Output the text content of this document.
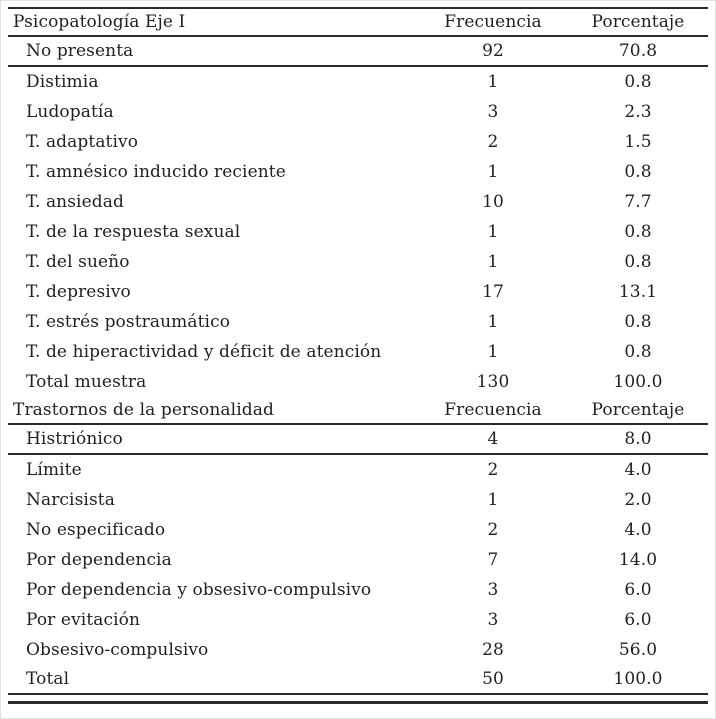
Psicopatología Eje I	Frecuencia	Porcentaje
No presenta	92	70.8
Distimia	1	0.8
Ludopatía	3	2.3
T. adaptativo	2	1.5
T. amnésico inducido reciente	1	0.8
T. ansiedad	10	7.7
T. de la respuesta sexual	1	0.8
T. del sueño	1	0.8
T. depresivo	17	13.1
T. estrés postraumático	1	0.8
T. de hiperactividad y déficit de atención	1	0.8
Total muestra	130	100.0
Trastornos de la personalidad	Frecuencia	Porcentaje
Histriónico	4	8.0
Límite	2	4.0
Narcisista	1	2.0
No especificado	2	4.0
Por dependencia	7	14.0
Por dependencia y obsesivo-compulsivo	3	6.0
Por evitación	3	6.0
Obsesivo-compulsivo	28	56.0
Total	50	100.0
